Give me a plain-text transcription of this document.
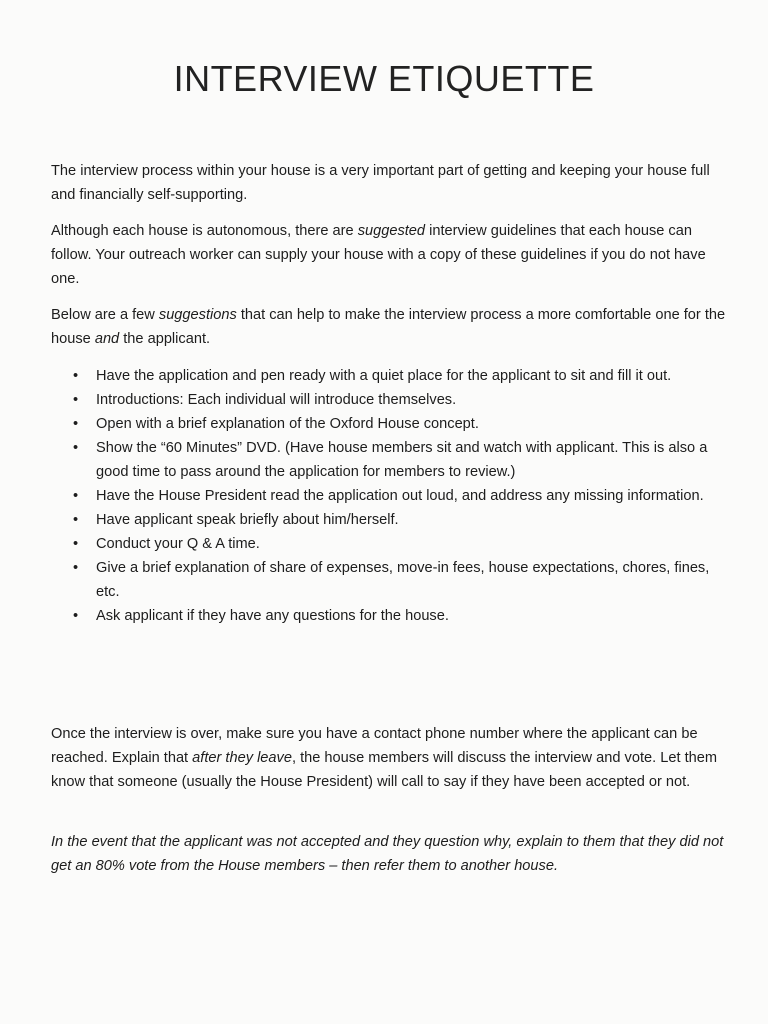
INTERVIEW ETIQUETTE

The interview process within your house is a very important part of getting and keeping your house full and financially self-supporting.

Although each house is autonomous, there are suggested interview guidelines that each house can follow. Your outreach worker can supply your house with a copy of these guidelines if you do not have one.

Below are a few suggestions that can help to make the interview process a more comfortable one for the house and the applicant.

• Have the application and pen ready with a quiet place for the applicant to sit and fill it out.
• Introductions: Each individual will introduce themselves.
• Open with a brief explanation of the Oxford House concept.
• Show the “60 Minutes” DVD. (Have house members sit and watch with applicant. This is also a good time to pass around the application for members to review.)
• Have the House President read the application out loud, and address any missing information.
• Have applicant speak briefly about him/herself.
• Conduct your Q & A time.
• Give a brief explanation of share of expenses, move-in fees, house expectations, chores, fines, etc.
• Ask applicant if they have any questions for the house.

Once the interview is over, make sure you have a contact phone number where the applicant can be reached. Explain that after they leave, the house members will discuss the interview and vote. Let them know that someone (usually the House President) will call to say if they have been accepted or not.

In the event that the applicant was not accepted and they question why, explain to them that they did not get an 80% vote from the House members – then refer them to another house.
